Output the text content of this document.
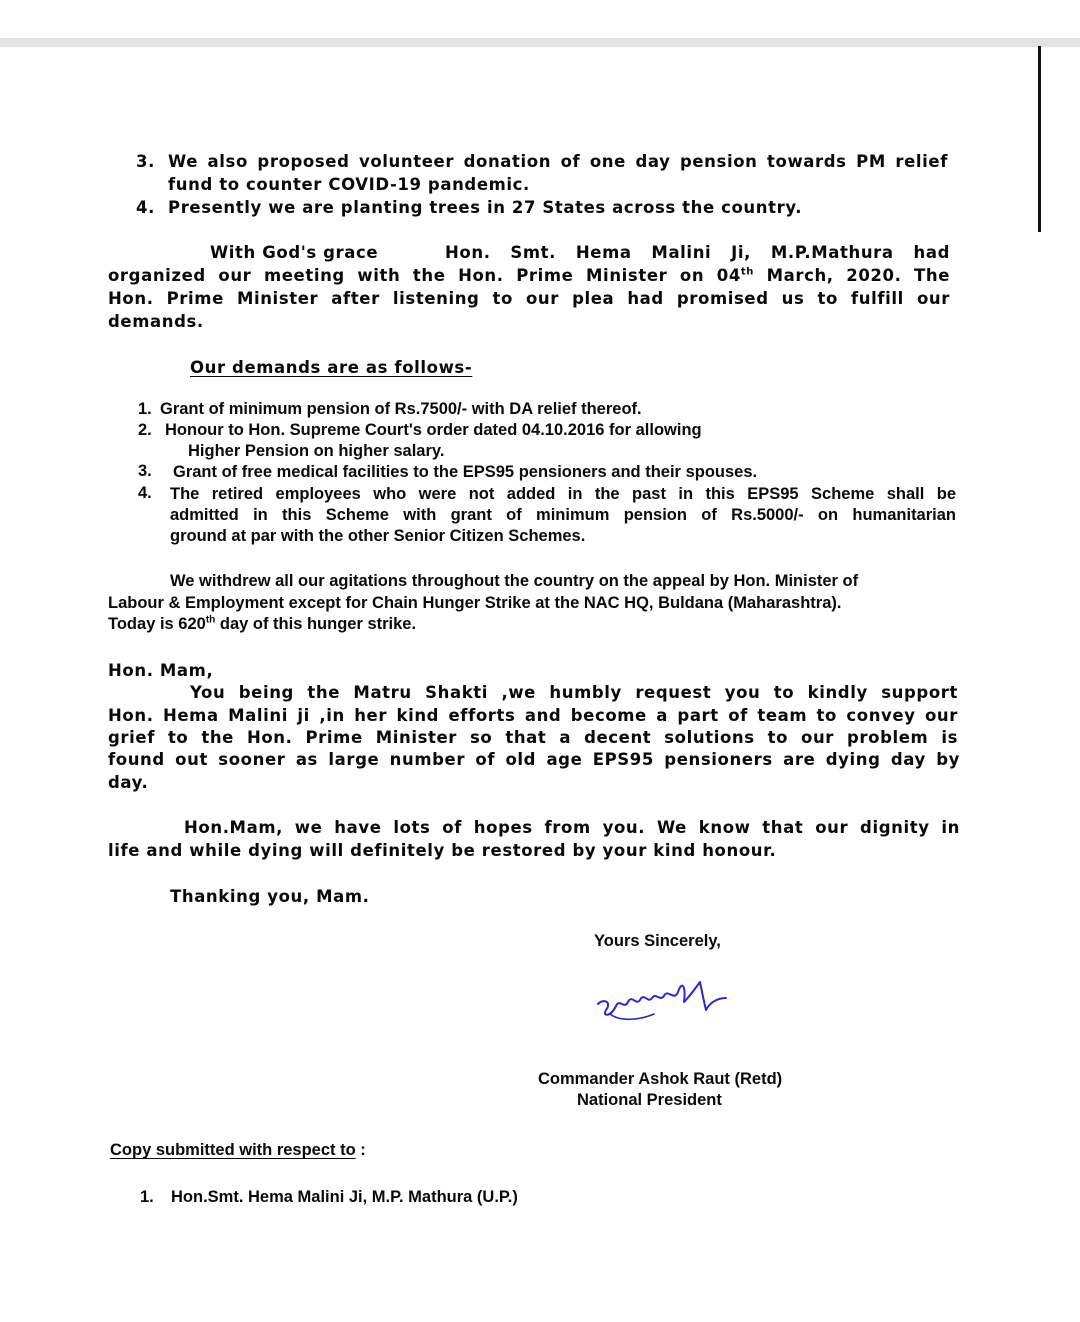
3. We also proposed volunteer donation of one day pension towards PM relief
fund to counter COVID-19 pandemic.
4. Presently we are planting trees in 27 States across the country.
With God's grace	Hon. Smt. Hema Malini Ji, M.P.Mathura had
organized our meeting with the Hon. Prime Minister on 04th March, 2020. The
Hon. Prime Minister after listening to our plea had promised us to fulfill our
demands.
Our demands are as follows-
1. Grant of minimum pension of Rs.7500/- with DA relief thereof.
2. Honour to Hon. Supreme Court's order dated 04.10.2016 for allowing
Higher Pension on higher salary.
3. Grant of free medical facilities to the EPS95 pensioners and their spouses.
4. The retired employees who were not added in the past in this EPS95 Scheme shall be
admitted in this Scheme with grant of minimum pension of Rs.5000/- on humanitarian
ground at par with the other Senior Citizen Schemes.
We withdrew all our agitations throughout the country on the appeal by Hon. Minister of
Labour & Employment except for Chain Hunger Strike at the NAC HQ, Buldana (Maharashtra).
Today is 620th day of this hunger strike.
Hon. Mam,
You being the Matru Shakti ,we humbly request you to kindly support
Hon. Hema Malini ji ,in her kind efforts and become a part of team to convey our
grief to the Hon. Prime Minister so that a decent solutions to our problem is
found out sooner as large number of old age EPS95 pensioners are dying day by
day.
Hon.Mam, we have lots of hopes from you. We know that our dignity in
life and while dying will definitely be restored by your kind honour.
Thanking you, Mam.
Yours Sincerely,
Commander Ashok Raut (Retd)
National President
Copy submitted with respect to :
1. Hon.Smt. Hema Malini Ji, M.P. Mathura (U.P.)
